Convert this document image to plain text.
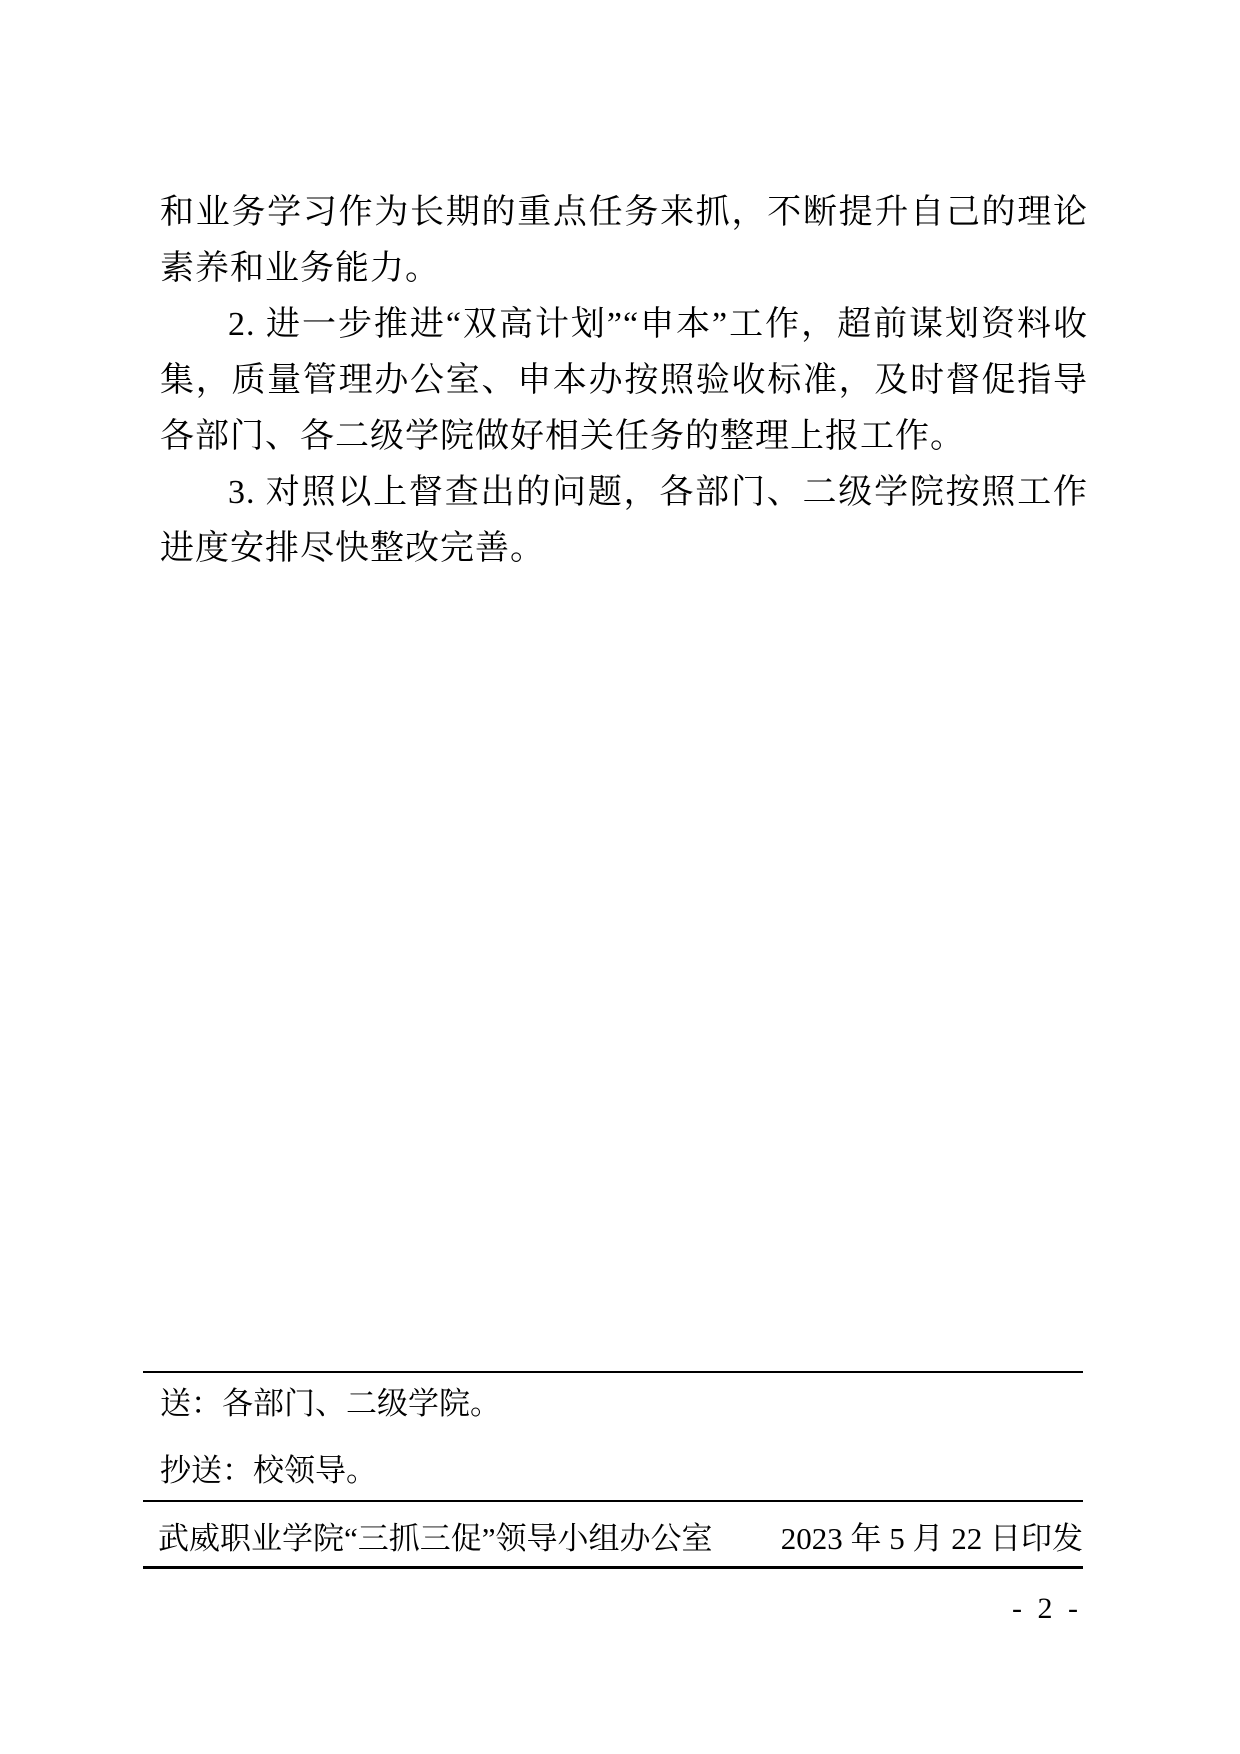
和业务学习作为长期的重点任务来抓，不断提升自己的理论素养和业务能力。

2. 进一步推进“双高计划”“申本”工作，超前谋划资料收集，质量管理办公室、申本办按照验收标准，及时督促指导各部门、各二级学院做好相关任务的整理上报工作。

3. 对照以上督查出的问题，各部门、二级学院按照工作进度安排尽快整改完善。

送：各部门、二级学院。
抄送：校领导。
武威职业学院“三抓三促”领导小组办公室 2023 年 5 月 22 日印发
- 2 -
